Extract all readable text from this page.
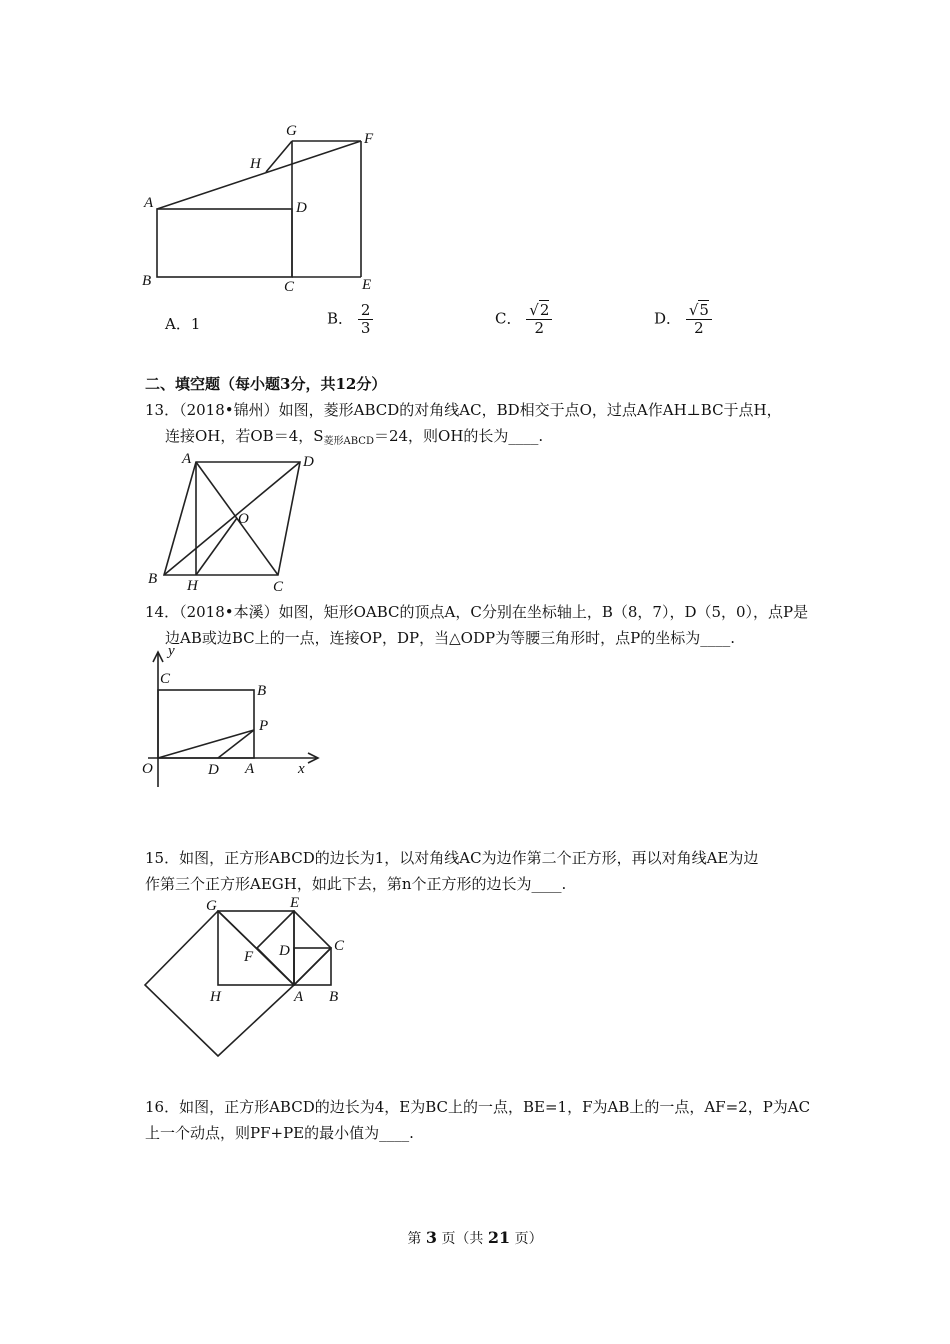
G	F
H
A	D
B	C	E
A．1	B． $\frac{2}{3}$	C． $\frac{√2}{2}$	D． $\frac{√5}{2}$
二、填空题（每小题3分，共12分）
13．（2018•锦州）如图，菱形ABCD的对角线AC，BD相交于点O，过点A作AH⊥BC于点H，
连接OH，若OB＝4，$S_{菱形ABCD}=24$，则OH的长为____.
A	D
O
B H	C
14．（2018•本溪）如图，矩形OABC的顶点A，C分别在坐标轴上，B（8，7），D（5，0），点P是
边AB或边BC上的一点，连接OP，DP，当△ODP为等腰三角形时，点P的坐标为____.
y
C
B
P
O	D A	x
15．如图，正方形ABCD的边长为1，以对角线AC为边作第二个正方形，再以对角线AE为边
作第三个正方形AEGH，如此下去，第n个正方形的边长为____.
G	E
D	C
F
H	A B
16．如图，正方形ABCD的边长为4，E为BC上的一点，BE=1，F为AB上的一点，AF=2，P为AC
上一个动点，则PF+PE的最小值为____.
第 3 页（共 21 页）
